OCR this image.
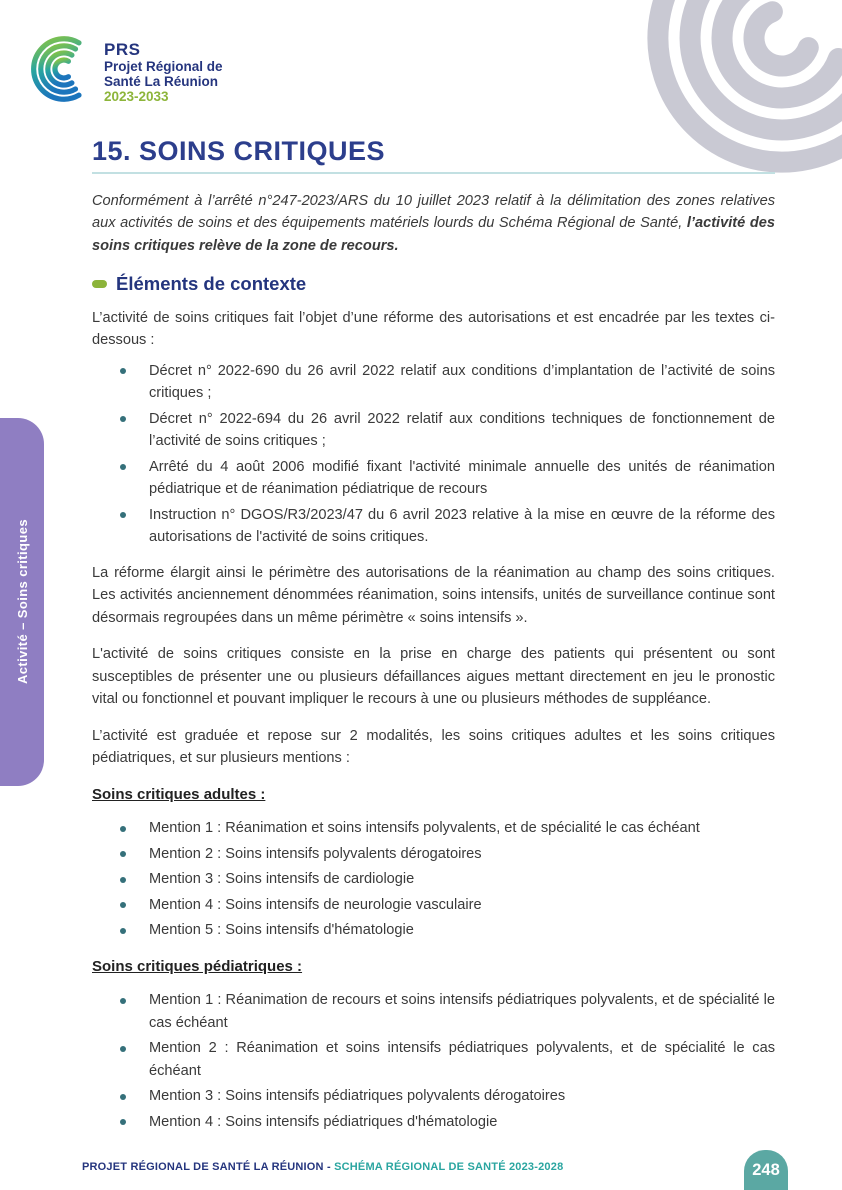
PRS
Projet Régional de
Santé La Réunion
2023-2033
Activité – Soins critiques
15. SOINS CRITIQUES

Conformément à l’arrêté n°247-2023/ARS du 10 juillet 2023 relatif à la délimitation des zones relatives aux activités de soins et des équipements matériels lourds du Schéma Régional de Santé, l’activité des soins critiques relève de la zone de recours.

Éléments de contexte

L’activité de soins critiques fait l’objet d’une réforme des autorisations et est encadrée par les textes ci-dessous :

Décret n° 2022-690 du 26 avril 2022 relatif aux conditions d’implantation de l’activité de soins critiques ;
Décret n° 2022-694 du 26 avril 2022 relatif aux conditions techniques de fonctionnement de l’activité de soins critiques ;
Arrêté du 4 août 2006 modifié fixant l'activité minimale annuelle des unités de réanimation pédiatrique et de réanimation pédiatrique de recours
Instruction n° DGOS/R3/2023/47 du 6 avril 2023 relative à la mise en œuvre de la réforme des autorisations de l'activité de soins critiques.

La réforme élargit ainsi le périmètre des autorisations de la réanimation au champ des soins critiques. Les activités anciennement dénommées réanimation, soins intensifs, unités de surveillance continue sont désormais regroupées dans un même périmètre « soins intensifs ».

L'activité de soins critiques consiste en la prise en charge des patients qui présentent ou sont susceptibles de présenter une ou plusieurs défaillances aigues mettant directement en jeu le pronostic vital ou fonctionnel et pouvant impliquer le recours à une ou plusieurs méthodes de suppléance.

L’activité est graduée et repose sur 2 modalités, les soins critiques adultes et les soins critiques pédiatriques, et sur plusieurs mentions :

Soins critiques adultes :
Mention 1 : Réanimation et soins intensifs polyvalents, et de spécialité le cas échéant
Mention 2 : Soins intensifs polyvalents dérogatoires
Mention 3 : Soins intensifs de cardiologie
Mention 4 : Soins intensifs de neurologie vasculaire
Mention 5 : Soins intensifs d'hématologie
Soins critiques pédiatriques :
Mention 1 : Réanimation de recours et soins intensifs pédiatriques polyvalents, et de spécialité le cas échéant
Mention 2 : Réanimation et soins intensifs pédiatriques polyvalents, et de spécialité le cas échéant
Mention 3 : Soins intensifs pédiatriques polyvalents dérogatoires
Mention 4 : Soins intensifs pédiatriques d'hématologie
PROJET RÉGIONAL DE SANTÉ LA RÉUNION - SCHÉMA RÉGIONAL DE SANTÉ 2023-2028	248
